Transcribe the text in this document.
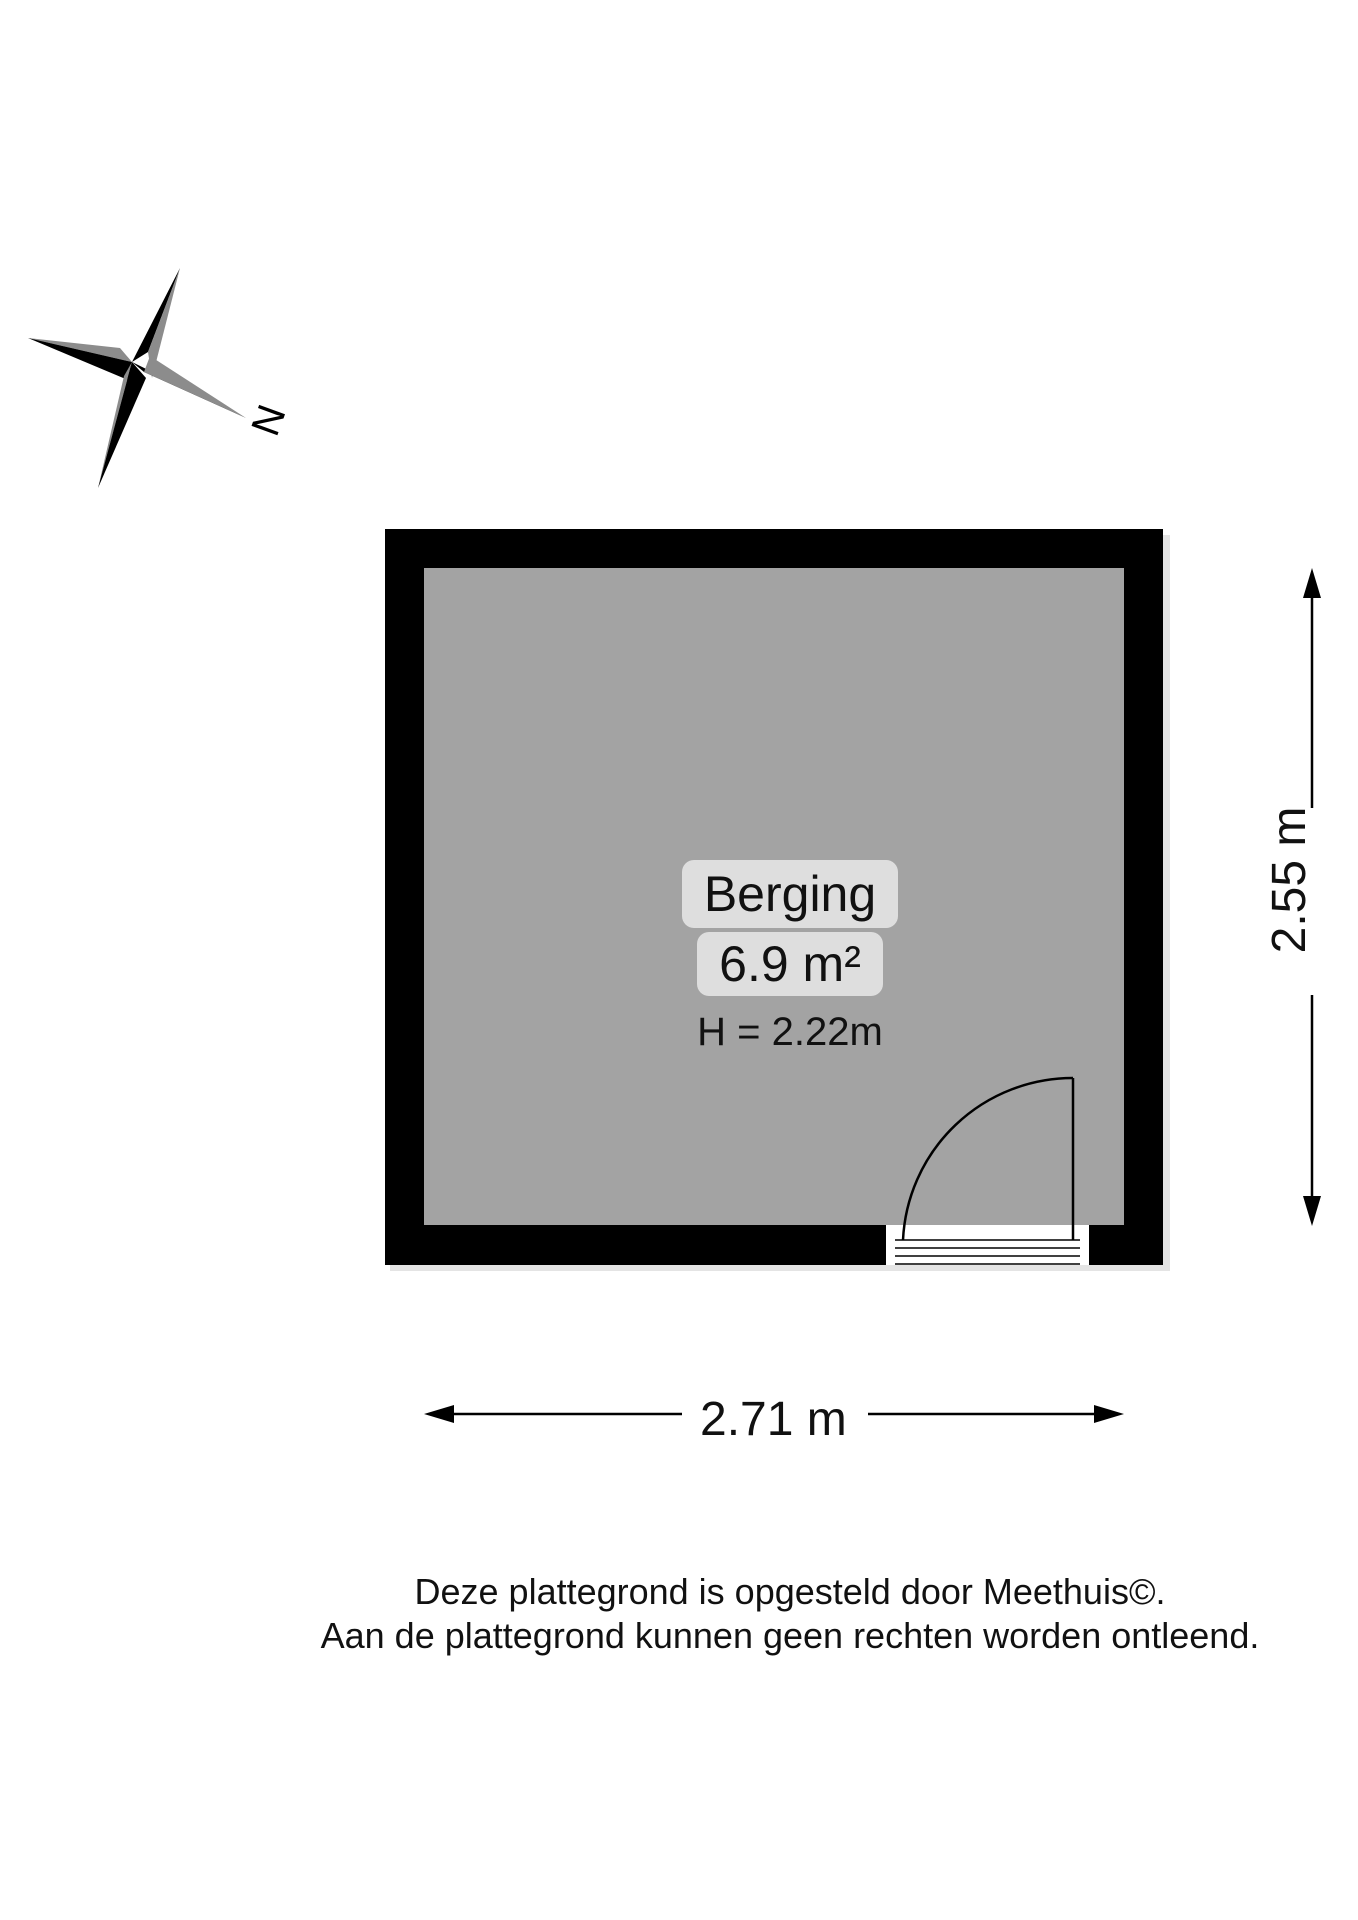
N
Berging
6.9 m²
H = 2.22m
2.71 m
2.55 m
Deze plattegrond is opgesteld door Meethuis©.
Aan de plattegrond kunnen geen rechten worden ontleend.
